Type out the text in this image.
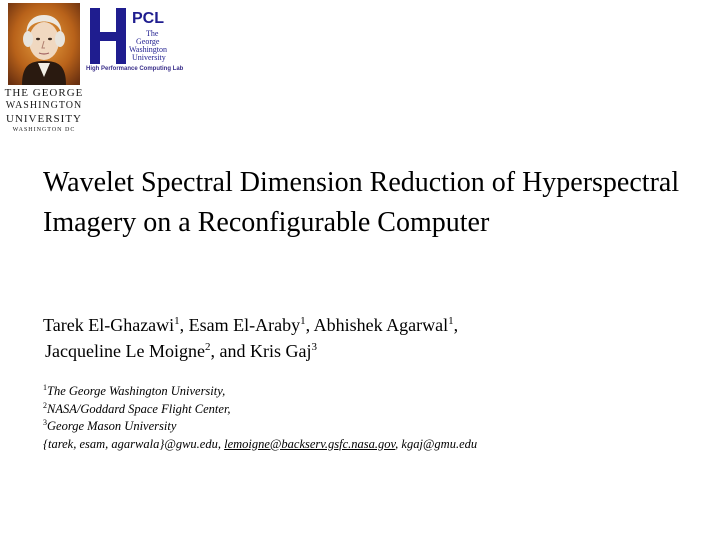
THE GEORGE
WASHINGTON
UNIVERSITY
WASHINGTON DC
PCL
The
George
Washington
University
High Performance Computing Lab
Wavelet Spectral Dimension Reduction of Hyperspectral Imagery on a Reconfigurable Computer
Tarek El-Ghazawi$^1$, Esam El-Araby$^1$, Abhishek Agarwal$^1$,
Jacqueline Le Moigne$^2$, and Kris Gaj$^3$
$^1$The George Washington University,
$^2$NASA/Goddard Space Flight Center,
$^3$George Mason University
{tarek, esam, agarwala}@gwu.edu, lemoigne@backserv.gsfc.nasa.gov, kgaj@gmu.edu
